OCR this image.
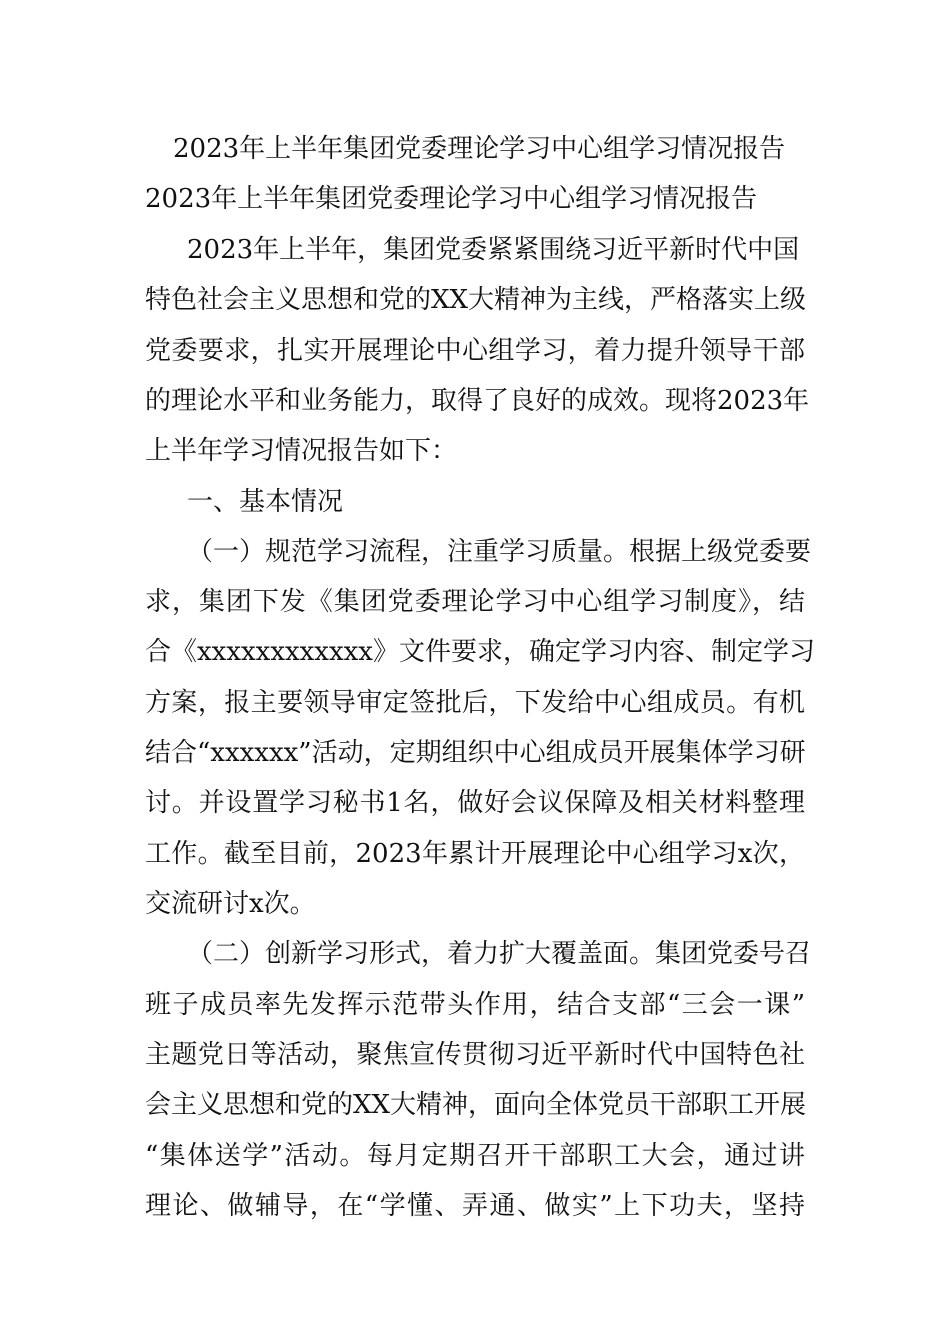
2023年上半年集团党委理论学习中心组学习情况报告
2023年上半年集团党委理论学习中心组学习情况报告
2023年上半年，集团党委紧紧围绕习近平新时代中国
特色社会主义思想和党的XX大精神为主线，严格落实上级
党委要求，扎实开展理论中心组学习，着力提升领导干部
的理论水平和业务能力，取得了良好的成效。现将2023年
上半年学习情况报告如下：
一、基本情况
（一）规范学习流程，注重学习质量。根据上级党委要
求，集团下发《集团党委理论学习中心组学习制度》，结
合《xxxxxxxxxxxx》文件要求，确定学习内容、制定学习
方案，报主要领导审定签批后，下发给中心组成员。有机
结合“xxxxxx”活动，定期组织中心组成员开展集体学习研
讨。并设置学习秘书1名，做好会议保障及相关材料整理
工作。截至目前，2023年累计开展理论中心组学习x次，
交流研讨x次。
（二）创新学习形式，着力扩大覆盖面。集团党委号召
班子成员率先发挥示范带头作用，结合支部“三会一课”
主题党日等活动，聚焦宣传贯彻习近平新时代中国特色社
会主义思想和党的XX大精神，面向全体党员干部职工开展
“集体送学”活动。每月定期召开干部职工大会，通过讲
理论、做辅导，在“学懂、弄通、做实”上下功夫，坚持
